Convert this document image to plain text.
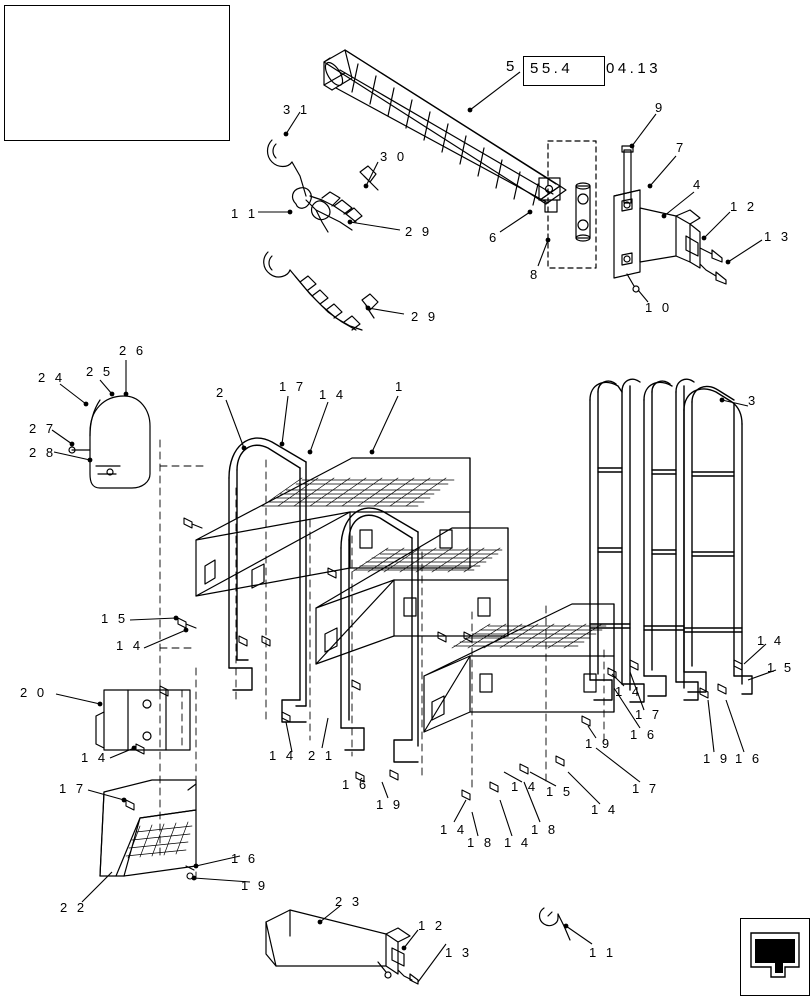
5 55.4 04.13
3 1
3 0
1 1
2 9
2 9
6
8
9
7
4
1 2
1 3
1 0
2 6
2 4 2 5
2 7
2 8
2	1 7
1 4
1
3
1 5
1 4
2 0
1 4
1 7
1 4 2 1
1 6
1 9
1 4
1 8 1 4
1 8
1 4 1 5
1 4
1 7
1 9
1 6
1 4
1 7
1 9 1 6
1 4
1 5
2 2
1 6
1 9
2 3
1 2
1 3	1 1
